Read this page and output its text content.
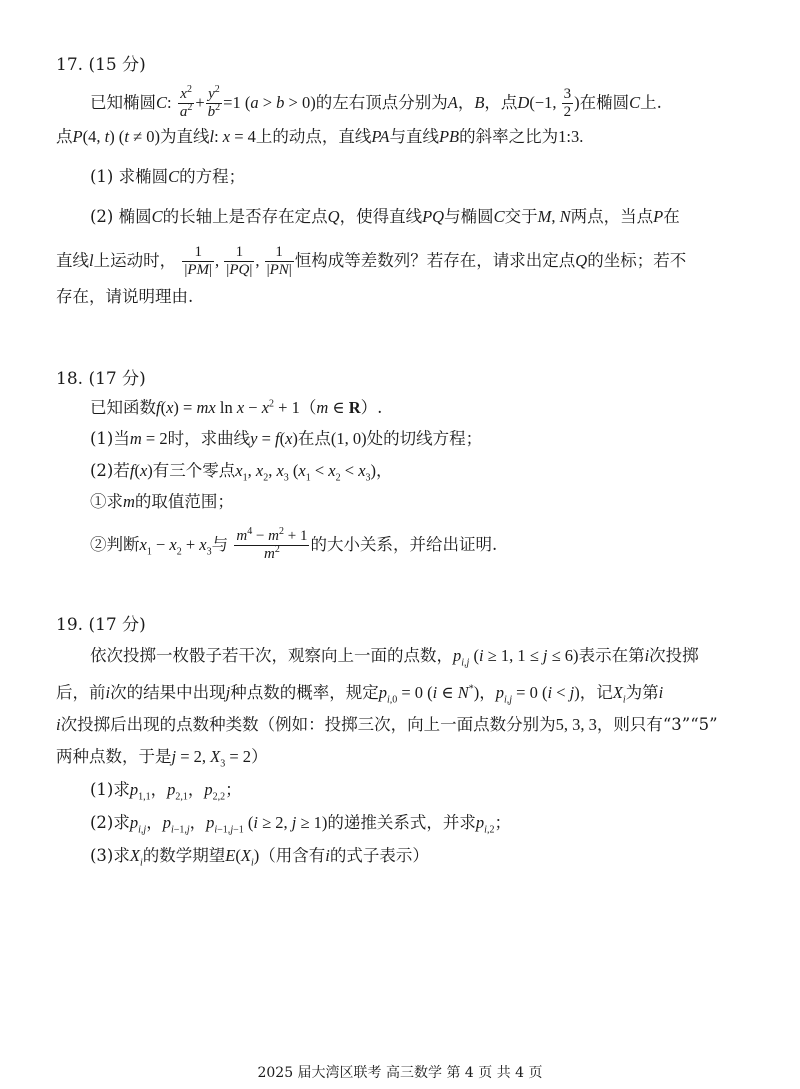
17. (15 分)
已知椭圆C: $\frac{x^2}{a^2} + \frac{y^2}{b^2} =1$ (a > b > 0)的左右顶点分别为A，B，点D(−1, $\frac{3}{2}$ )在椭圆C上.
点P(4, t) (t ≠ 0)为直线l: x = 4上的动点，直线PA与直线PB的斜率之比为1:3.
(1) 求椭圆C的方程；
(2) 椭圆C的长轴上是否存在定点Q，使得直线PQ与椭圆C交于M, N两点，当点P在
直线l上运动时， $\frac{1}{|PM|}$ , $\frac{1}{|PQ|}$ , $\frac{1}{|PN|}$ 恒构成等差数列？若存在，请求出定点Q的坐标；若不
存在，请说明理由.
18. (17 分)
已知函数f(x) = mx $\ln x - x^2 + 1(m$ ∈ R）.
(1)当m = 2时，求曲线y = f(x)在点(1, 0)处的切线方程；
(2)若f(x)有三个零点$x_1$, $x_2$, $x_3$ $(x_1 < x_2 < x_3)$，
①求m的取值范围；
②判断$x_1 - x_2 + x_3$与 $\frac{m^4 - m^2 + 1}{m^2}$ 的大小关系，并给出证明.
19. (17 分)
依次投掷一枚骰子若干次，观察向上一面的点数，$p_{i,j}$ (i ≥ 1, 1 ≤ j ≤ 6)表示在第i次投掷
后，前i次的结果中出现j种点数的概率，规定$p_{i,0} = 0$ (i ∈ N*)，$p_{i,j} = 0$ (i < j)，记$X_i$为第i
i次投掷后出现的点数种类数（例如：投掷三次，向上一面点数分别为5, 3, 3，则只有“3”“5”
两种点数，于是j = 2, $X_3 = 2$）
(1)求$p_{1,1}$，$p_{2,1}$，$p_{2,2}$；
(2)求$p_{i,j}$，$p_{i-1,j}$，$p_{i-1,j-1}$ (i ≥ 2, j ≥ 1)的递推关系式，并求$p_{i,2}$；
(3)求$X_i$的数学期望$E(X_i)$（用含有i的式子表示）
2025 届大湾区联考 高三数学 第 4 页 共 4 页
